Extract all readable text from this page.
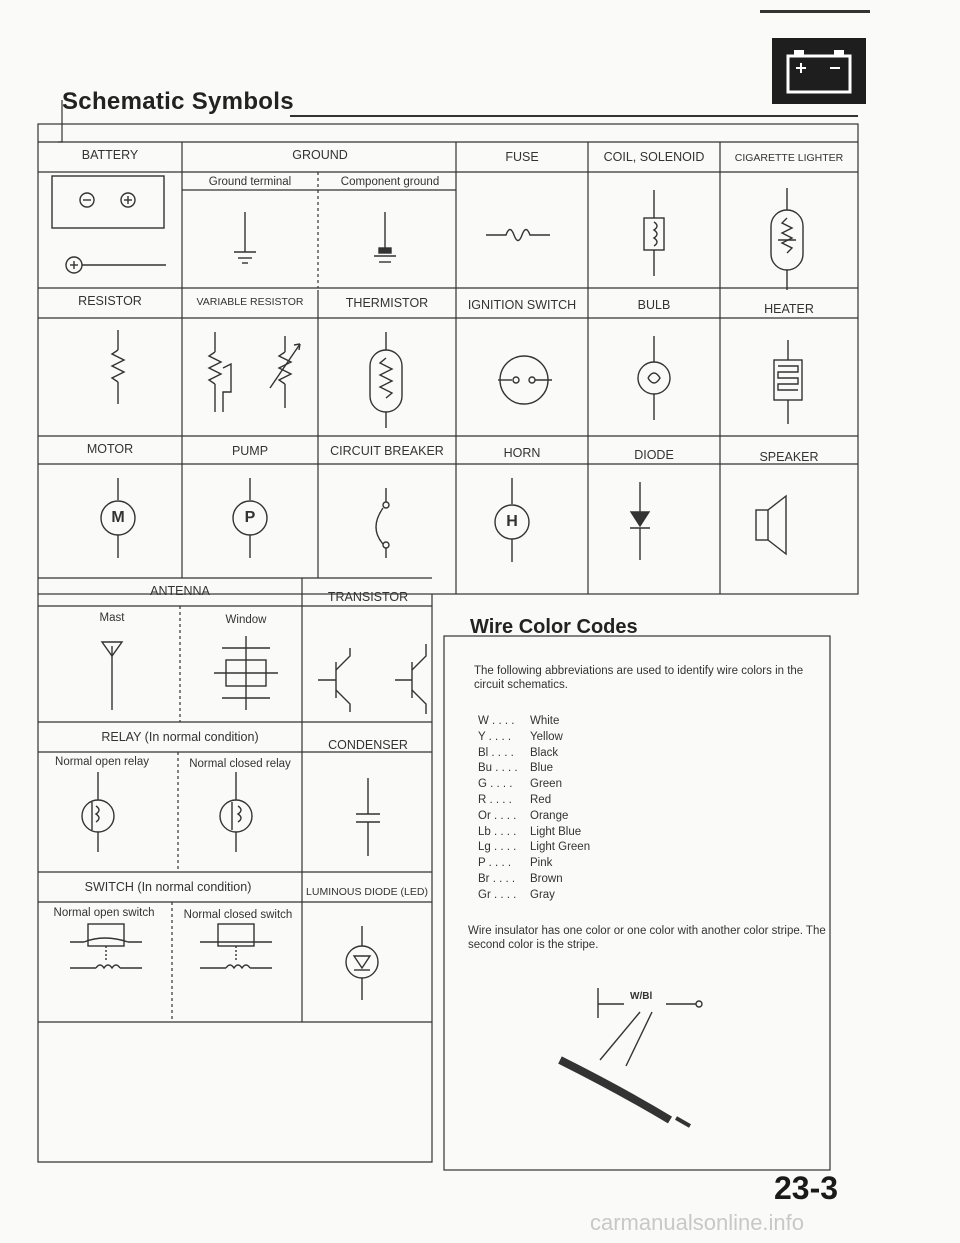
Schematic Symbols
BATTERY	GROUND
Ground terminal	Component ground
FUSE	COIL, SOLENOID	CIGARETTE LIGHTER
RESISTOR	VARIABLE RESISTOR	THERMISTOR	IGNITION SWITCH	BULB	HEATER
MOTOR	PUMP	CIRCUIT BREAKER	HORN	DIODE	SPEAKER
M	P	H
ANTENNA
Mast	Window
TRANSISTOR
RELAY (In normal condition)
Normal open relay	Normal closed relay
CONDENSER
SWITCH (In normal condition)
Normal open switch	Normal closed switch
LUMINOUS DIODE (LED)
Wire Color Codes
The following abbreviations are used to identify wire colors in the circuit schematics.
W . . . .	White
Y . . . .	Yellow
Bl . . . .	Black
Bu . . . .	Blue
G . . . .	Green
R . . . .	Red
Or . . . .	Orange
Lb . . . .	Light Blue
Lg . . . .	Light Green
P . . . .	Pink
Br . . . .	Brown
Gr . . . .	Gray
Wire insulator has one color or one color with another color stripe. The second color is the stripe.
W/Bl
23-3
carmanualsonline.info
